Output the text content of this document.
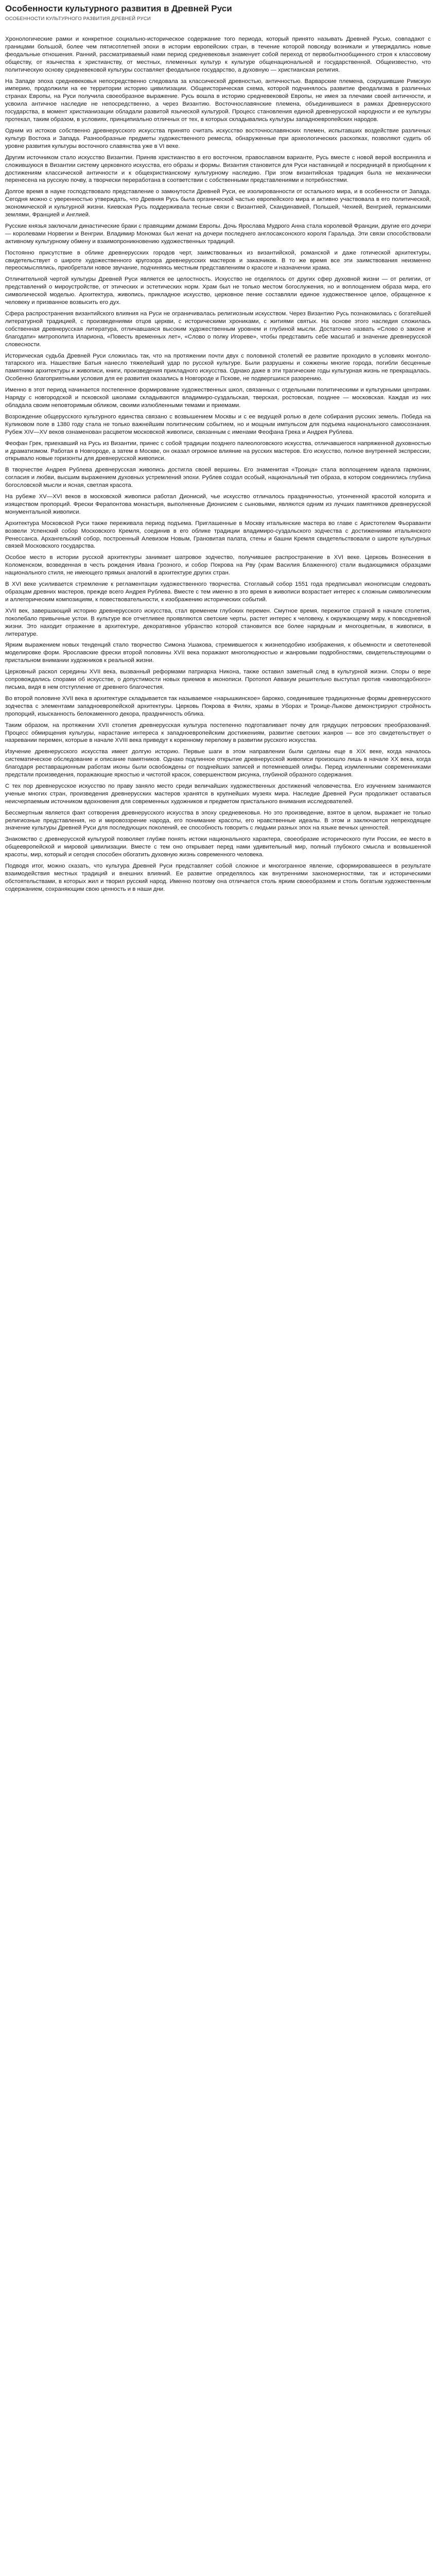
Особенности культурного развития в Древней Руси
ОСОБЕННОСТИ КУЛЬТУРНОГО РАЗВИТИЯ ДРЕВНЕЙ РУСИ

Хронологические рамки и конкретное социально-историческое содержание того периода, который принято называть Древней Русью, совпадают с границами большой, более чем пятисотлетней эпохи в истории европейских стран, в течение которой повсюду возникали и утверждались новые феодальные отношения. Ранний, рассматриваемый нами период средневековья знаменует собой переход от первобытнообщинного строя к классовому обществу, от язычества к христианству, от местных, племенных культур к культуре общенациональной и государственной. Общеизвестно, что политическую основу средневековой культуры составляет феодальное государство, а духовную — христианская религия.

На Западе эпоха средневековья непосредственно следовала за классической древностью, античностью. Варварские племена, сокрушившие Римскую империю, продолжили на ее территории историю цивилизации. Общеисторическая схема, которой подчинялось развитие феодализма в различных странах Европы, на Руси получила своеобразное выражение. Русь вошла в историю средневековой Европы, не имея за плечами своей античности, и усвоила античное наследие не непосредственно, а через Византию. Восточнославянские племена, объединившиеся в рамках Древнерусского государства, в момент христианизации обладали развитой языческой культурой. Процесс становления единой древнерусской народности и ее культуры протекал, таким образом, в условиях, принципиально отличных от тех, в которых складывались культуры западноевропейских народов.

Одним из истоков собственно древнерусского искусства принято считать искусство восточнославянских племен, испытавших воздействие различных культур Востока и Запада. Разнообразные предметы художественного ремесла, обнаруженные при археологических раскопках, позволяют судить об уровне развития культуры восточного славянства уже в VI веке.

Другим источником стало искусство Византии. Приняв христианство в его восточном, православном варианте, Русь вместе с новой верой восприняла и сложившуюся в Византии систему церковного искусства, его образы и формы. Византия становится для Руси наставницей и посредницей в приобщении к достижениям классической античности и к общехристианскому культурному наследию. При этом византийская традиция была не механически перенесена на русскую почву, а творчески переработана в соответствии с собственными представлениями и потребностями.

Долгое время в науке господствовало представление о замкнутости Древней Руси, ее изолированности от остального мира, и в особенности от Запада. Сегодня можно с уверенностью утверждать, что Древняя Русь была органической частью европейского мира и активно участвовала в его политической, экономической и культурной жизни. Киевская Русь поддерживала тесные связи с Византией, Скандинавией, Польшей, Чехией, Венгрией, германскими землями, Францией и Англией.

Русские князья заключали династические браки с правящими домами Европы. Дочь Ярослава Мудрого Анна стала королевой Франции, другие его дочери — королевами Норвегии и Венгрии. Владимир Мономах был женат на дочери последнего англосаксонского короля Гаральда. Эти связи способствовали активному культурному обмену и взаимопроникновению художественных традиций.

Постоянно присутствие в облике древнерусских городов черт, заимствованных из византийской, романской и даже готической архитектуры, свидетельствует о широте художественного кругозора древнерусских мастеров и заказчиков. В то же время все эти заимствования неизменно переосмыслялись, приобретали новое звучание, подчиняясь местным представлениям о красоте и назначении храма.

Отличительной чертой культуры Древней Руси является ее целостность. Искусство не отделялось от других сфер духовной жизни — от религии, от представлений о мироустройстве, от этических и эстетических норм. Храм был не только местом богослужения, но и воплощением образа мира, его символической моделью. Архитектура, живопись, прикладное искусство, церковное пение составляли единое художественное целое, обращенное к человеку и призванное возвысить его дух.

Сфера распространения византийского влияния на Руси не ограничивалась религиозным искусством. Через Византию Русь познакомилась с богатейшей литературной традицией, с произведениями отцов церкви, с историческими хрониками, с житиями святых. На основе этого наследия сложилась собственная древнерусская литература, отличавшаяся высоким художественным уровнем и глубиной мысли. Достаточно назвать «Слово о законе и благодати» митрополита Илариона, «Повесть временных лет», «Слово о полку Игореве», чтобы представить себе масштаб и значение древнерусской словесности.

Историческая судьба Древней Руси сложилась так, что на протяжении почти двух с половиной столетий ее развитие проходило в условиях монголо-татарского ига. Нашествие Батыя нанесло тяжелейший удар по русской культуре. Были разрушены и сожжены многие города, погибли бесценные памятники архитектуры и живописи, книги, произведения прикладного искусства. Однако даже в эти трагические годы культурная жизнь не прекращалась. Особенно благоприятными условия для ее развития оказались в Новгороде и Пскове, не подвергшихся разорению.

Именно в этот период начинается постепенное формирование художественных школ, связанных с отдельными политическими и культурными центрами. Наряду с новгородской и псковской школами складываются владимиро-суздальская, тверская, ростовская, позднее — московская. Каждая из них обладала своим неповторимым обликом, своими излюбленными темами и приемами.

Возрождение общерусского культурного единства связано с возвышением Москвы и с ее ведущей ролью в деле собирания русских земель. Победа на Куликовом поле в 1380 году стала не только важнейшим политическим событием, но и мощным импульсом для подъема национального самосознания. Рубеж XIV—XV веков ознаменован расцветом московской живописи, связанным с именами Феофана Грека и Андрея Рублева.

Феофан Грек, приехавший на Русь из Византии, принес с собой традиции позднего палеологовского искусства, отличавшегося напряженной духовностью и драматизмом. Работая в Новгороде, а затем в Москве, он оказал огромное влияние на русских мастеров. Его искусство, полное внутренней экспрессии, открывало новые горизонты для древнерусской живописи.

В творчестве Андрея Рублева древнерусская живопись достигла своей вершины. Его знаменитая «Троица» стала воплощением идеала гармонии, согласия и любви, высшим выражением духовных устремлений эпохи. Рублев создал особый, национальный тип образа, в котором соединились глубина богословской мысли и ясная, светлая красота.

На рубеже XV—XVI веков в московской живописи работал Дионисий, чье искусство отличалось праздничностью, утонченной красотой колорита и изяществом пропорций. Фрески Ферапонтова монастыря, выполненные Дионисием с сыновьями, являются одним из лучших памятников древнерусской монументальной живописи.

Архитектура Московской Руси также переживала период подъема. Приглашенные в Москву итальянские мастера во главе с Аристотелем Фьораванти возвели Успенский собор Московского Кремля, соединив в его облике традиции владимиро-суздальского зодчества с достижениями итальянского Ренессанса. Архангельский собор, построенный Алевизом Новым, Грановитая палата, стены и башни Кремля свидетельствовали о широте культурных связей Московского государства.

Особое место в истории русской архитектуры занимает шатровое зодчество, получившее распространение в XVI веке. Церковь Вознесения в Коломенском, возведенная в честь рождения Ивана Грозного, и собор Покрова на Рву (храм Василия Блаженного) стали выдающимися образцами национального стиля, не имеющего прямых аналогий в архитектуре других стран.

В XVI веке усиливается стремление к регламентации художественного творчества. Стоглавый собор 1551 года предписывал иконописцам следовать образцам древних мастеров, прежде всего Андрея Рублева. Вместе с тем именно в это время в живописи возрастает интерес к сложным символическим и аллегорическим композициям, к повествовательности, к изображению исторических событий.

XVII век, завершающий историю древнерусского искусства, стал временем глубоких перемен. Смутное время, пережитое страной в начале столетия, поколебало привычные устои. В культуре все отчетливее проявляются светские черты, растет интерес к человеку, к окружающему миру, к повседневной жизни. Это находит отражение в архитектуре, декоративное убранство которой становится все более нарядным и многоцветным, в живописи, в литературе.

Ярким выражением новых тенденций стало творчество Симона Ушакова, стремившегося к жизнеподобию изображения, к объемности и светотеневой моделировке форм. Ярославские фрески второй половины XVII века поражают многолюдностью и жанровыми подробностями, свидетельствующими о пристальном внимании художников к реальной жизни.

Церковный раскол середины XVII века, вызванный реформами патриарха Никона, также оставил заметный след в культурной жизни. Споры о вере сопровождались спорами об искусстве, о допустимости новых приемов в иконописи. Протопоп Аввакум решительно выступал против «живоподобного» письма, видя в нем отступление от древнего благочестия.

Во второй половине XVII века в архитектуре складывается так называемое «нарышкинское» барокко, соединившее традиционные формы древнерусского зодчества с элементами западноевропейской архитектуры. Церковь Покрова в Филях, храмы в Уборах и Троице-Лыкове демонстрируют стройность пропорций, изысканность белокаменного декора, праздничность облика.

Таким образом, на протяжении XVII столетия древнерусская культура постепенно подготавливает почву для грядущих петровских преобразований. Процесс обмирщения культуры, нарастание интереса к западноевропейским достижениям, развитие светских жанров — все это свидетельствует о назревании перемен, которые в начале XVIII века приведут к коренному перелому в развитии русского искусства.

Изучение древнерусского искусства имеет долгую историю. Первые шаги в этом направлении были сделаны еще в XIX веке, когда началось систематическое обследование и описание памятников. Однако подлинное открытие древнерусской живописи произошло лишь в начале XX века, когда благодаря реставрационным работам иконы были освобождены от позднейших записей и потемневшей олифы. Перед изумленными современниками предстали произведения, поражающие яркостью и чистотой красок, совершенством рисунка, глубиной образного содержания.

С тех пор древнерусское искусство по праву заняло место среди величайших художественных достижений человечества. Его изучением занимаются ученые многих стран, произведения древнерусских мастеров хранятся в крупнейших музеях мира. Наследие Древней Руси продолжает оставаться неисчерпаемым источником вдохновения для современных художников и предметом пристального внимания исследователей.

Бессмертным является факт сотворения древнерусского искусства в эпоху средневековья. Но это произведение, взятое в целом, выражает не только религиозные представления, но и мировоззрение народа, его понимание красоты, его нравственные идеалы. В этом и заключается непреходящее значение культуры Древней Руси для последующих поколений, ее способность говорить с людьми разных эпох на языке вечных ценностей.

Знакомство с древнерусской культурой позволяет глубже понять истоки национального характера, своеобразие исторического пути России, ее место в общеевропейской и мировой цивилизации. Вместе с тем оно открывает перед нами удивительный мир, полный глубокого смысла и возвышенной красоты, мир, который и сегодня способен обогатить духовную жизнь современного человека.

Подводя итог, можно сказать, что культура Древней Руси представляет собой сложное и многогранное явление, сформировавшееся в результате взаимодействия местных традиций и внешних влияний. Ее развитие определялось как внутренними закономерностями, так и историческими обстоятельствами, в которых жил и творил русский народ. Именно поэтому она отличается столь ярким своеобразием и столь богатым художественным содержанием, сохраняющим свою ценность и в наши дни.
